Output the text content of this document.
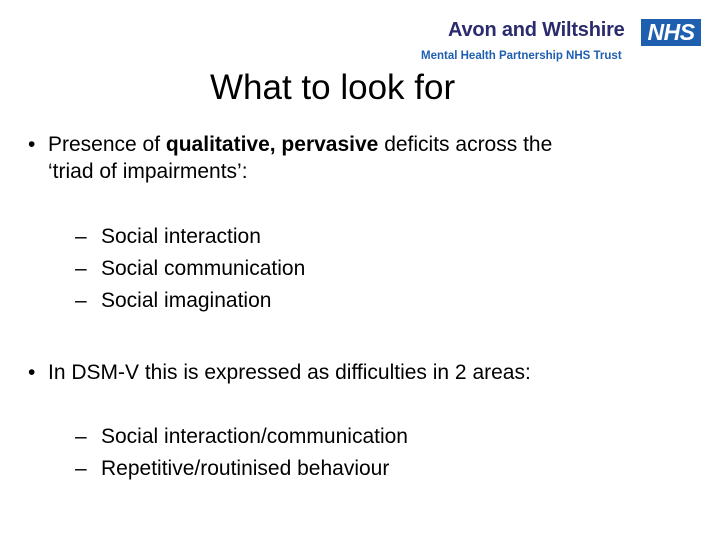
Avon and Wiltshire NHS
Mental Health Partnership NHS Trust
What to look for
• Presence of qualitative, pervasive deficits across the
‘triad of impairments’:
– Social interaction
– Social communication
– Social imagination
• In DSM-V this is expressed as difficulties in 2 areas:
– Social interaction/communication
– Repetitive/routinised behaviour
